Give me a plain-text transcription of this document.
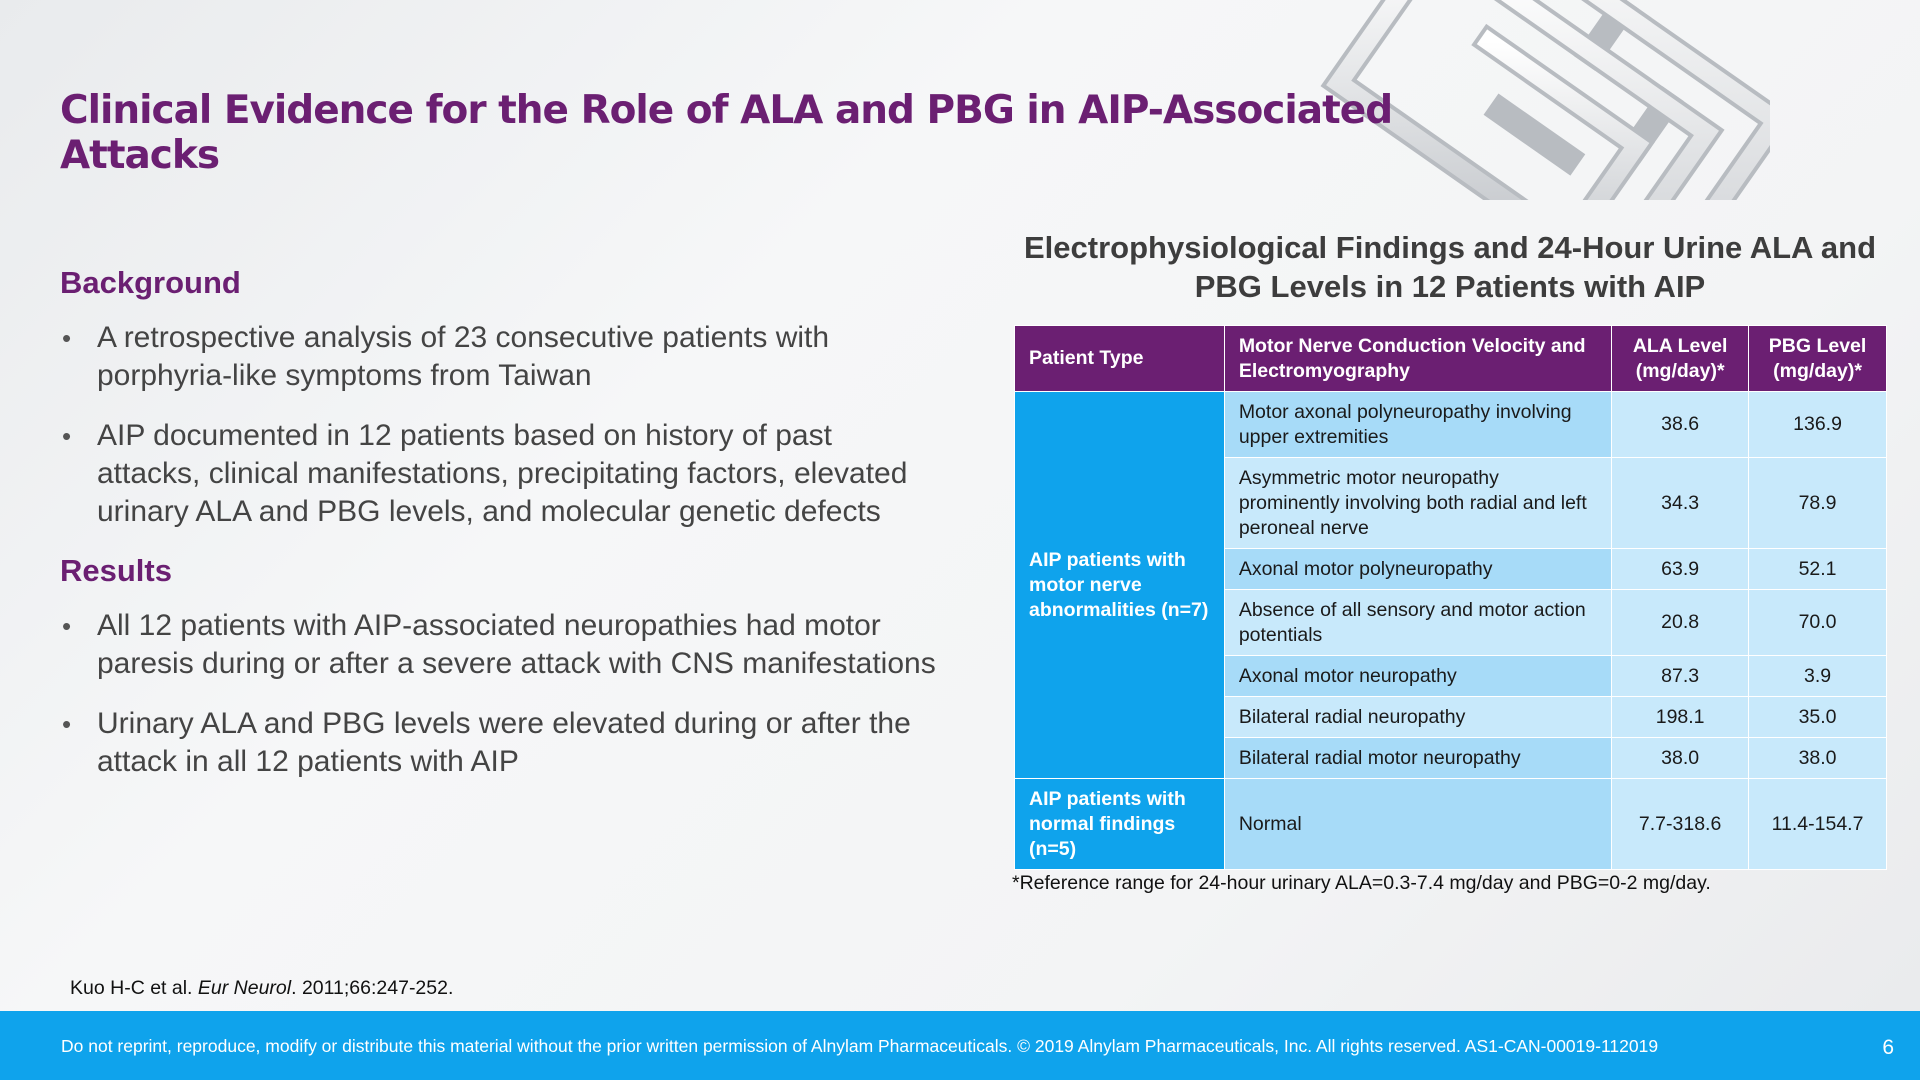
Clinical Evidence for the Role of ALA and PBG in AIP-Associated Attacks
Background
• A retrospective analysis of 23 consecutive patients with porphyria-like symptoms from Taiwan
• AIP documented in 12 patients based on history of past attacks, clinical manifestations, precipitating factors, elevated urinary ALA and PBG levels, and molecular genetic defects
Results
• All 12 patients with AIP-associated neuropathies had motor paresis during or after a severe attack with CNS manifestations
• Urinary ALA and PBG levels were elevated during or after the attack in all 12 patients with AIP
Electrophysiological Findings and 24-Hour Urine ALA and PBG Levels in 12 Patients with AIP
Patient Type	Motor Nerve Conduction Velocity and Electromyography	ALA Level (mg/day)*	PBG Level (mg/day)*
AIP patients with motor nerve abnormalities (n=7)	Motor axonal polyneuropathy involving upper extremities	38.6	136.9
	Asymmetric motor neuropathy prominently involving both radial and left peroneal nerve	34.3	78.9
	Axonal motor polyneuropathy	63.9	52.1
	Absence of all sensory and motor action potentials	20.8	70.0
	Axonal motor neuropathy	87.3	3.9
	Bilateral radial neuropathy	198.1	35.0
	Bilateral radial motor neuropathy	38.0	38.0
AIP patients with normal findings (n=5)	Normal	7.7-318.6	11.4-154.7
*Reference range for 24-hour urinary ALA=0.3-7.4 mg/day and PBG=0-2 mg/day.
Kuo H-C et al. Eur Neurol. 2011;66:247-252.
Do not reprint, reproduce, modify or distribute this material without the prior written permission of Alnylam Pharmaceuticals. © 2019 Alnylam Pharmaceuticals, Inc. All rights reserved. AS1-CAN-00019-112019	6
